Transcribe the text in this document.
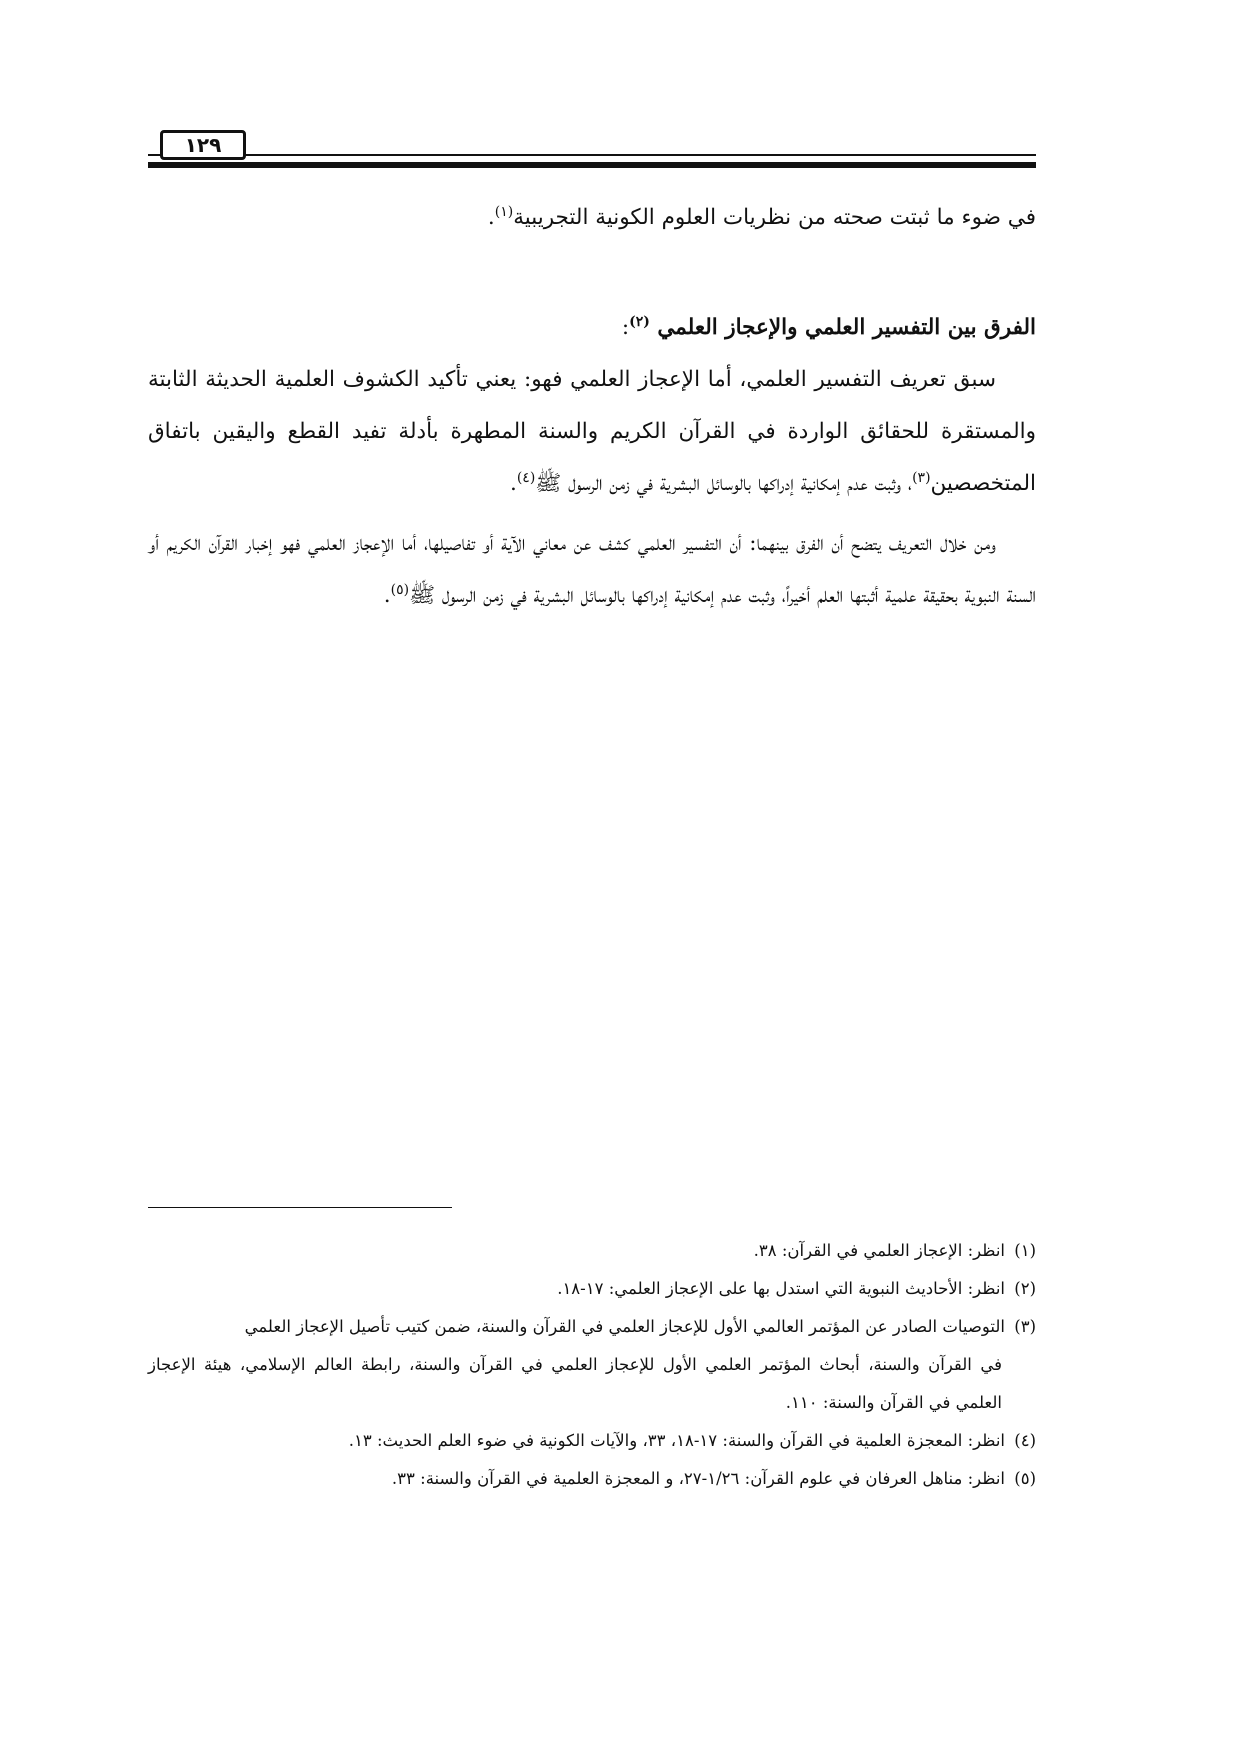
١٢٩

في ضوء ما ثبتت صحته من نظريات العلوم الكونية التجريبية$^{(١)}$.

الفرق بين التفسير العلمي والإعجاز العلمي $^{(٢)}$:

سبق تعريف التفسير العلمي، أما الإعجاز العلمي فهو: يعني تأكيد الكشوف العلمية الحديثة الثابتة والمستقرة للحقائق الواردة في القرآن الكريم والسنة المطهرة بأدلة تفيد القطع واليقين باتفاق المتخصصين$^{(٣)}$، وثبت عدم إمكانية إدراكها بالوسائل البشرية في زمن الرسول ﷺ$^{(٤)}$.

ومن خلال التعريف يتضح أن الفرق بينهما: أن التفسير العلمي كشف عن معاني الآية أو تفاصيلها، أما الإعجاز العلمي فهو إخبار القرآن الكريم أو السنة النبوية بحقيقة علمية أثبتها العلم أخيراً، وثبت عدم إمكانية إدراكها بالوسائل البشرية في زمن الرسول ﷺ$^{(٥)}$.

(١) انظر: الإعجاز العلمي في القرآن: ٣٨.

(٢) انظر: الأحاديث النبوية التي استدل بها على الإعجاز العلمي: ١٧-١٨.

(٣) التوصيات الصادر عن المؤتمر العالمي الأول للإعجاز العلمي في القرآن والسنة، ضمن كتيب تأصيل الإعجاز العلمي
في القرآن والسنة، أبحاث المؤتمر العلمي الأول للإعجاز العلمي في القرآن والسنة، رابطة العالم الإسلامي، هيئة الإعجاز العلمي في القرآن والسنة: ١١٠.

(٤) انظر: المعجزة العلمية في القرآن والسنة: ١٧-١٨، ٣٣، والآيات الكونية في ضوء العلم الحديث: ١٣.

(٥) انظر: مناهل العرفان في علوم القرآن: ١/٢٦-٢٧، و المعجزة العلمية في القرآن والسنة: ٣٣.
